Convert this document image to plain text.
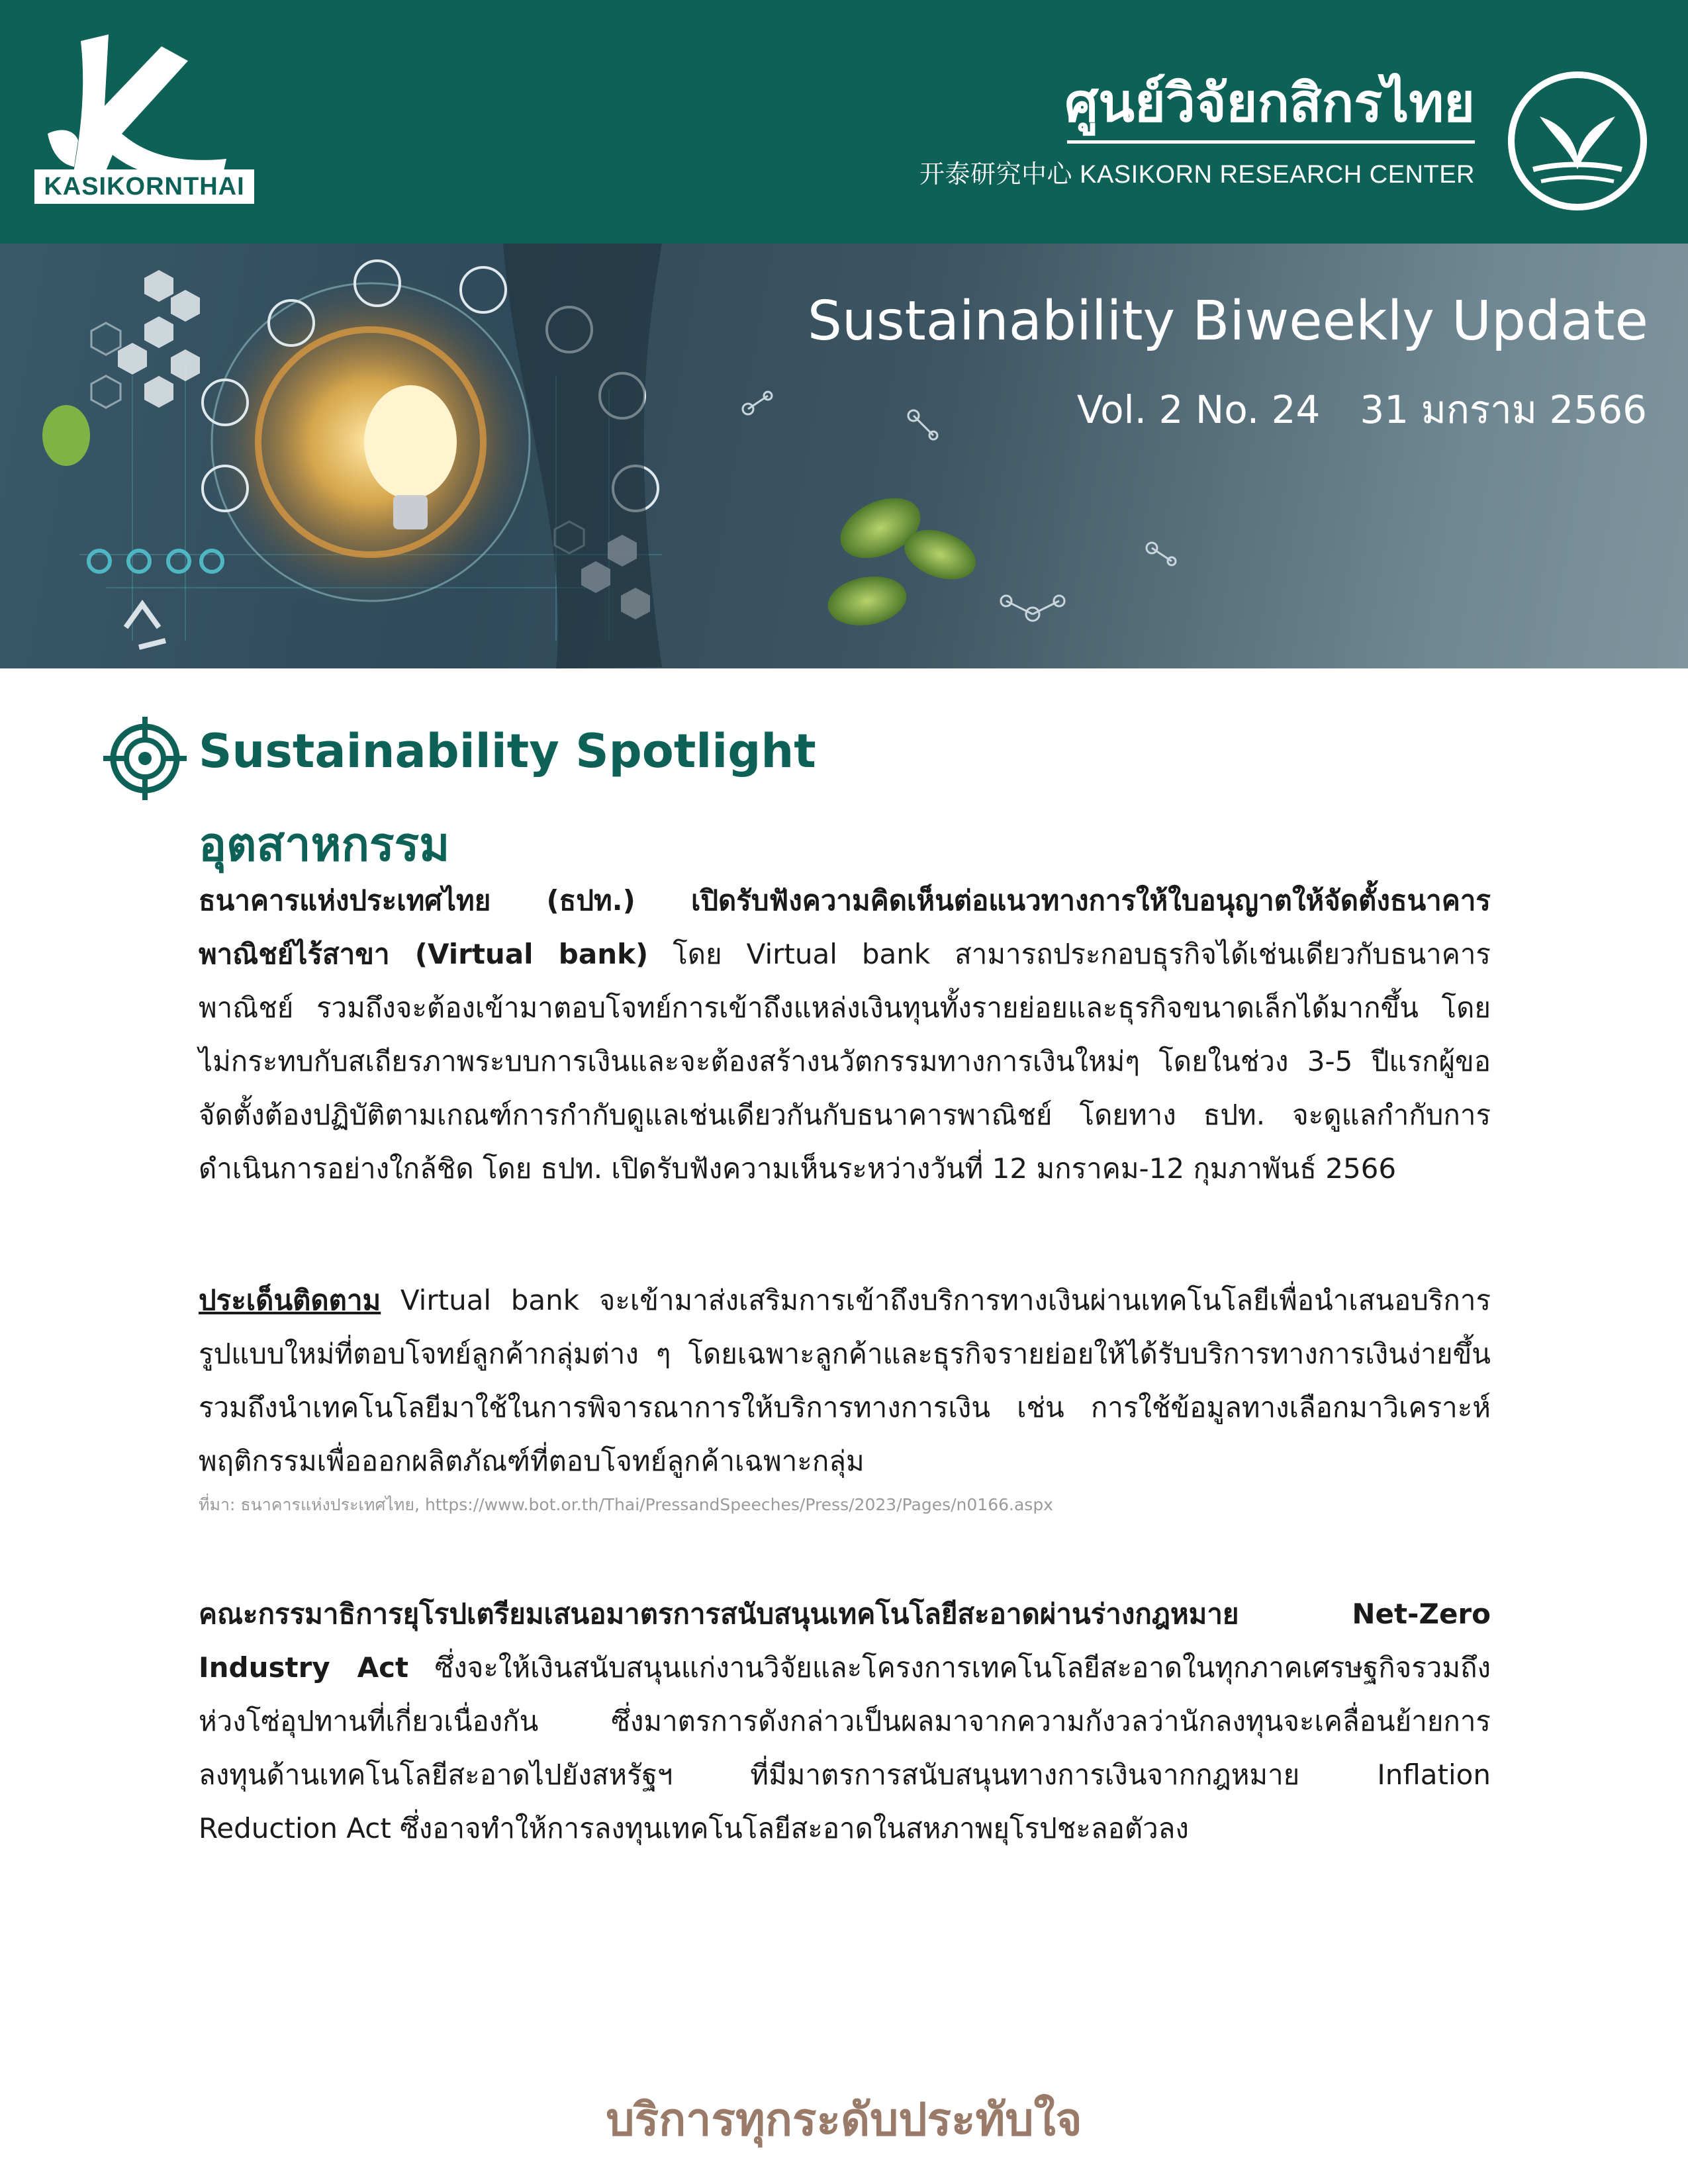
KASIKORNTHAI
ศูนย์วิจัยกสิกรไทย
开泰研究中心 KASIKORN RESEARCH CENTER
Sustainability Biweekly Update
Vol. 2 No. 24 31 มกราม 2566
Sustainability Spotlight
อุตสาหกรรม

ธนาคารแห่งประเทศไทย (ธปท.) เปิดรับฟังความคิดเห็นต่อแนวทางการให้ใบอนุญาตให้จัดตั้งธนาคารพาณิชย์ไร้สาขา (Virtual bank) โดย Virtual bank สามารถประกอบธุรกิจได้เช่นเดียวกับธนาคารพาณิชย์ รวมถึงจะต้องเข้ามาตอบโจทย์การเข้าถึงแหล่งเงินทุนทั้งรายย่อยและธุรกิจขนาดเล็กได้มากขึ้น โดยไม่กระทบกับสเถียรภาพระบบการเงินและจะต้องสร้างนวัตกรรมทางการเงินใหม่ๆ โดยในช่วง 3-5 ปีแรกผู้ขอจัดตั้งต้องปฏิบัติตามเกณฑ์การกำกับดูแลเช่นเดียวกันกับธนาคารพาณิชย์ โดยทาง ธปท. จะดูแลกำกับการดำเนินการอย่างใกล้ชิด โดย ธปท. เปิดรับฟังความเห็นระหว่างวันที่ 12 มกราคม-12 กุมภาพันธ์ 2566

ประเด็นติดตาม Virtual bank จะเข้ามาส่งเสริมการเข้าถึงบริการทางเงินผ่านเทคโนโลยีเพื่อนำเสนอบริการรูปแบบใหม่ที่ตอบโจทย์ลูกค้ากลุ่มต่าง ๆ โดยเฉพาะลูกค้าและธุรกิจรายย่อยให้ได้รับบริการทางการเงินง่ายขึ้น รวมถึงนำเทคโนโลยีมาใช้ในการพิจารณาการให้บริการทางการเงิน เช่น การใช้ข้อมูลทางเลือกมาวิเคราะห์พฤติกรรมเพื่อออกผลิตภัณฑ์ที่ตอบโจทย์ลูกค้าเฉพาะกลุ่ม

ที่มา: ธนาคารแห่งประเทศไทย, https://www.bot.or.th/Thai/PressandSpeeches/Press/2023/Pages/n0166.aspx

คณะกรรมาธิการยุโรปเตรียมเสนอมาตรการสนับสนุนเทคโนโลยีสะอาดผ่านร่างกฎหมาย Net-Zero Industry Act ซึ่งจะให้เงินสนับสนุนแก่งานวิจัยและโครงการเทคโนโลยีสะอาดในทุกภาคเศรษฐกิจรวมถึงห่วงโซ่อุปทานที่เกี่ยวเนื่องกัน ซึ่งมาตรการดังกล่าวเป็นผลมาจากความกังวลว่านักลงทุนจะเคลื่อนย้ายการลงทุนด้านเทคโนโลยีสะอาดไปยังสหรัฐฯ ที่มีมาตรการสนับสนุนทางการเงินจากกฎหมาย Inflation Reduction Act ซึ่งอาจทำให้การลงทุนเทคโนโลยีสะอาดในสหภาพยุโรปชะลอตัวลง

บริการทุกระดับประทับใจ
